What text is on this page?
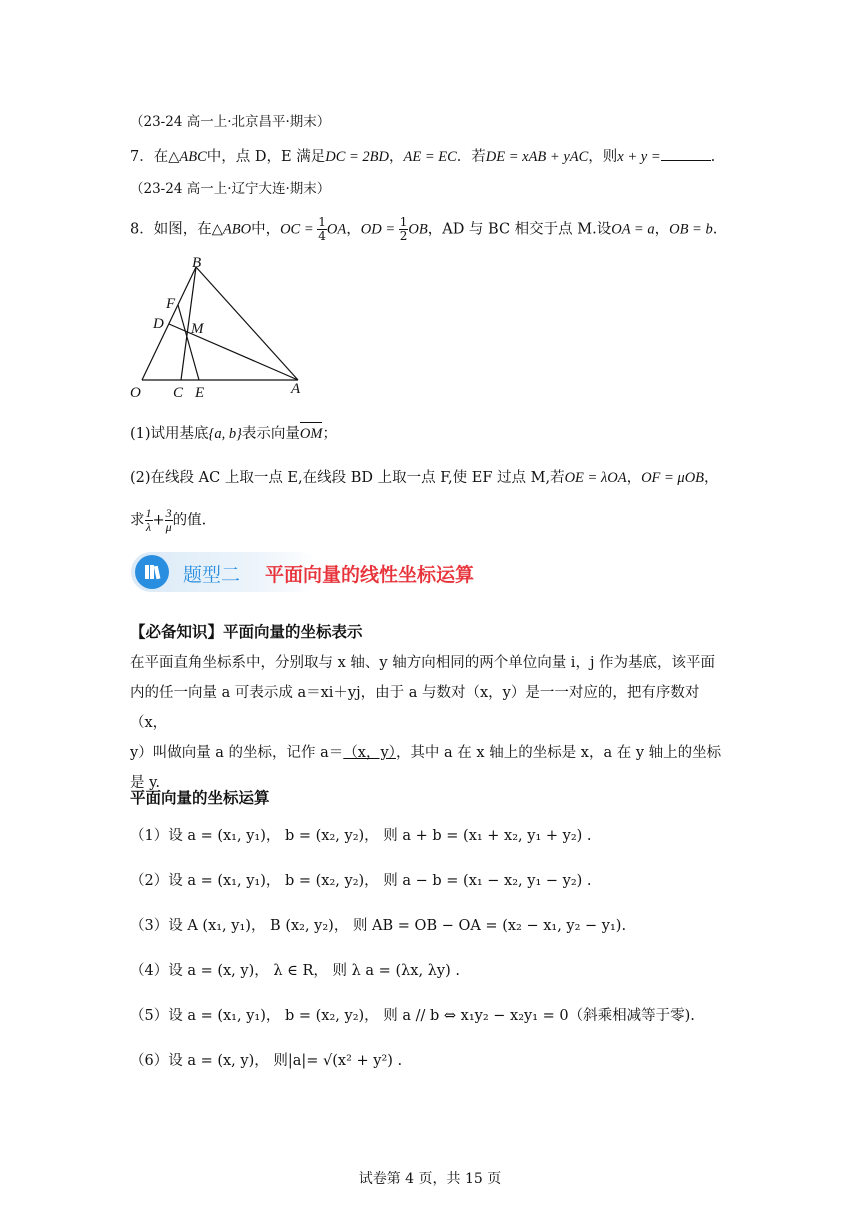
（23-24 高一上·北京昌平·期末）
7．在△ABC中，点 D，E 满足DC = 2BD，AE = EC．若DE = xAB + yAC，则x + y =	.
（23-24 高一上·辽宁大连·期末）
8．如图，在△ABO中，OC = $\frac{1}{4}$ OA，OD = $\frac{1}{2}$ OB，AD 与 BC 相交于点 M.设OA = a，OB = b.
B
F
D M
O C E	A
(1)试用基底{a, b}表示向量OM；
(2)在线段 AC 上取一点 E,在线段 BD 上取一点 F,使 EF 过点 M,若OE = λOA，OF = μOB，
求 $\frac{1}{\lambda} + \frac{3}{\mu}$ 的值.
题型二 平面向量的线性坐标运算
【必备知识】平面向量的坐标表示
在平面直角坐标系中，分别取与 x 轴、y 轴方向相同的两个单位向量 i，j 作为基底，该平面
内的任一向量 a 可表示成 a＝xi＋yj，由于 a 与数对（x，y）是一一对应的，把有序数对（x，
y）叫做向量 a 的坐标，记作 a＝（x，y），其中 a 在 x 轴上的坐标是 x，a 在 y 轴上的坐标
是 y.
平面向量的坐标运算
（1）设 a = (x₁, y₁)， b = (x₂, y₂)， 则 a + b = (x₁ + x₂, y₁ + y₂) .
（2）设 a = (x₁, y₁)， b = (x₂, y₂)， 则 a − b = (x₁ − x₂, y₁ − y₂) .
（3）设 A (x₁, y₁)， B (x₂, y₂)， 则 AB = OB − OA = (x₂ − x₁, y₂ − y₁).
（4）设 a = (x, y)， λ ∈ R， 则 λ a = (λx, λy) .
（5）设 a = (x₁, y₁)， b = (x₂, y₂)， 则 a // b ⇔ x₁y₂ − x₂y₁ = 0（斜乘相减等于零).
（6）设 a = (x, y)， 则|a|= √(x² + y²) .
试卷第 4 页，共 15 页
